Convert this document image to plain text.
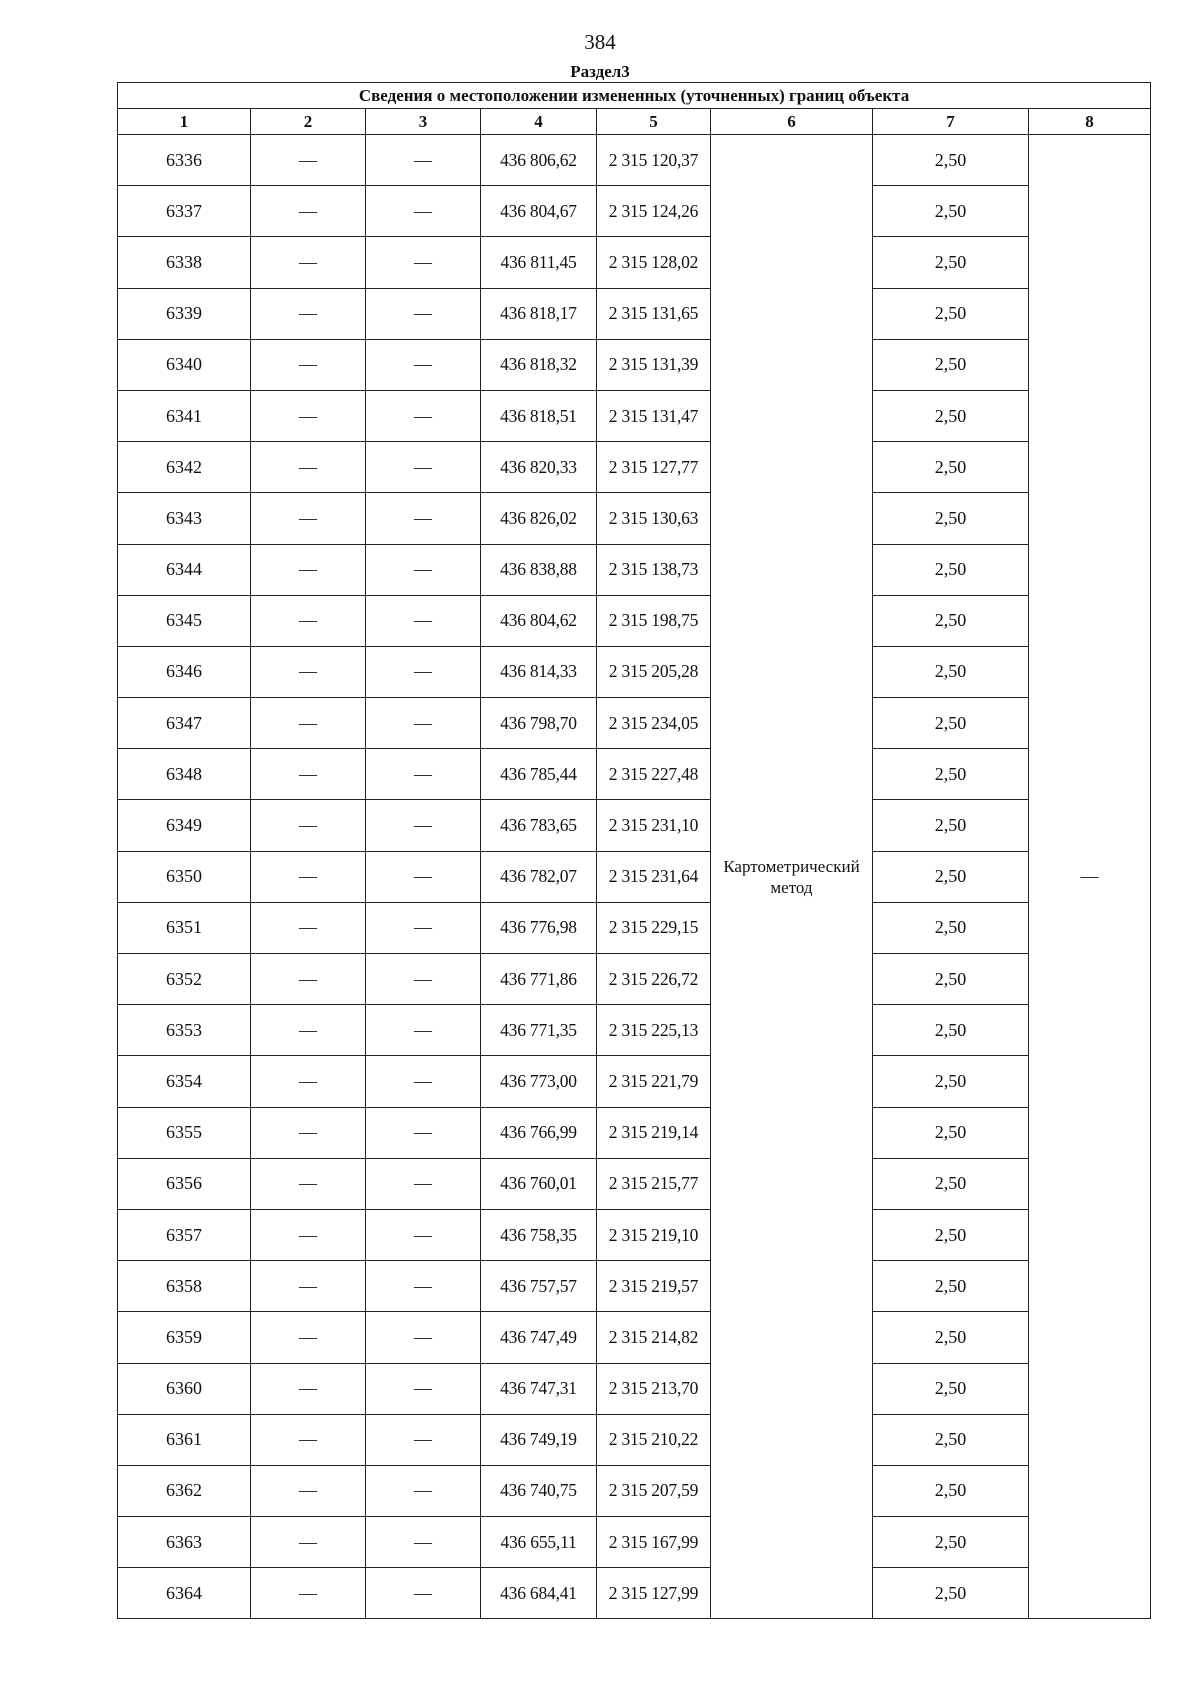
384
Раздел3
Сведения о местоположении измененных (уточненных) границ объекта							
1	2	3	4	5	6	7	8
6336	—	—	436 806,62	2 315 120,37	Картометрический метод	2,50	—
6337	—	—	436 804,67	2 315 124,26		2,50	
6338	—	—	436 811,45	2 315 128,02		2,50	
6339	—	—	436 818,17	2 315 131,65		2,50	
6340	—	—	436 818,32	2 315 131,39		2,50	
6341	—	—	436 818,51	2 315 131,47		2,50	
6342	—	—	436 820,33	2 315 127,77		2,50	
6343	—	—	436 826,02	2 315 130,63		2,50	
6344	—	—	436 838,88	2 315 138,73		2,50	
6345	—	—	436 804,62	2 315 198,75		2,50	
6346	—	—	436 814,33	2 315 205,28		2,50	
6347	—	—	436 798,70	2 315 234,05		2,50	
6348	—	—	436 785,44	2 315 227,48		2,50	
6349	—	—	436 783,65	2 315 231,10		2,50	
6350	—	—	436 782,07	2 315 231,64		2,50	
6351	—	—	436 776,98	2 315 229,15		2,50	
6352	—	—	436 771,86	2 315 226,72		2,50	
6353	—	—	436 771,35	2 315 225,13		2,50	
6354	—	—	436 773,00	2 315 221,79		2,50	
6355	—	—	436 766,99	2 315 219,14		2,50	
6356	—	—	436 760,01	2 315 215,77		2,50	
6357	—	—	436 758,35	2 315 219,10		2,50	
6358	—	—	436 757,57	2 315 219,57		2,50	
6359	—	—	436 747,49	2 315 214,82		2,50	
6360	—	—	436 747,31	2 315 213,70		2,50	
6361	—	—	436 749,19	2 315 210,22		2,50	
6362	—	—	436 740,75	2 315 207,59		2,50	
6363	—	—	436 655,11	2 315 167,99		2,50	
6364	—	—	436 684,41	2 315 127,99		2,50	
